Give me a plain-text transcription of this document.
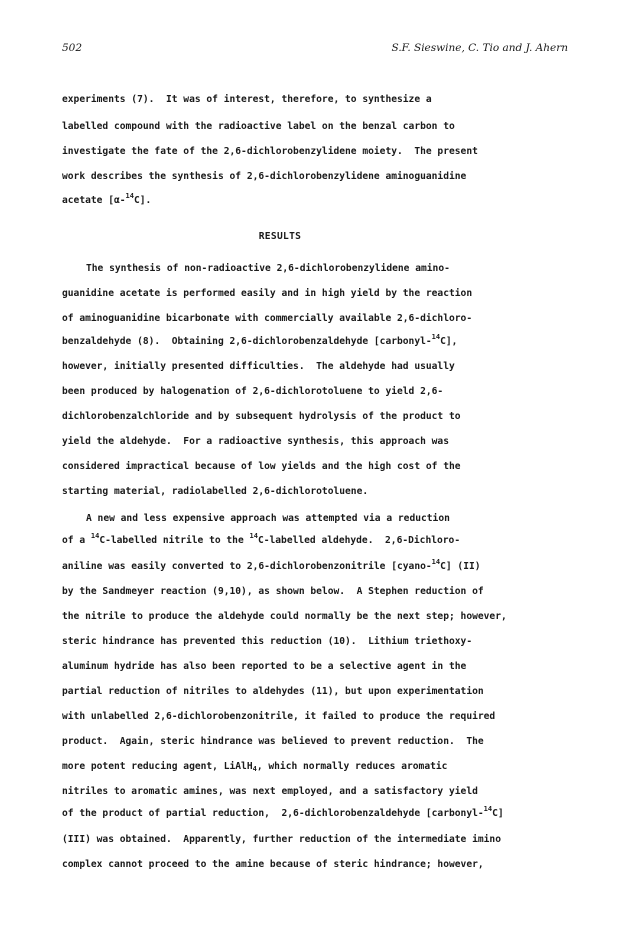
502	S.F. Sieswine, C. Tio and J. Ahern
experiments (7).  It was of interest, therefore, to synthesize a
labelled compound with the radioactive label on the benzal carbon to
investigate the fate of the 2,6-dichlorobenzylidene moiety.  The present
work describes the synthesis of 2,6-dichlorobenzylidene aminoguanidine
acetate [α-$^{14}$C].
RESULTS
The synthesis of non-radioactive 2,6-dichlorobenzylidene amino-
guanidine acetate is performed easily and in high yield by the reaction
of aminoguanidine bicarbonate with commercially available 2,6-dichloro-
benzaldehyde (8).  Obtaining 2,6-dichlorobenzaldehyde [carbonyl-$^{14}$C],
however, initially presented difficulties.  The aldehyde had usually
been produced by halogenation of 2,6-dichlorotoluene to yield 2,6-
dichlorobenzalchloride and by subsequent hydrolysis of the product to
yield the aldehyde.  For a radioactive synthesis, this approach was
considered impractical because of low yields and the high cost of the
starting material, radiolabelled 2,6-dichlorotoluene.
A new and less expensive approach was attempted via a reduction
of a $^{14}$C-labelled nitrile to the $^{14}$C-labelled aldehyde.  2,6-Dichloro-
aniline was easily converted to 2,6-dichlorobenzonitrile [cyano-$^{14}$C] (II)
by the Sandmeyer reaction (9,10), as shown below.  A Stephen reduction of
the nitrile to produce the aldehyde could normally be the next step; however,
steric hindrance has prevented this reduction (10).  Lithium triethoxy-
aluminum hydride has also been reported to be a selective agent in the
partial reduction of nitriles to aldehydes (11), but upon experimentation
with unlabelled 2,6-dichlorobenzonitrile, it failed to produce the required
product.  Again, steric hindrance was believed to prevent reduction.  The
more potent reducing agent, LiAlH$_4$, which normally reduces aromatic
nitriles to aromatic amines, was next employed, and a satisfactory yield
of the product of partial reduction,  2,6-dichlorobenzaldehyde [carbonyl-$^{14}$C]
(III) was obtained.  Apparently, further reduction of the intermediate imino
complex cannot proceed to the amine because of steric hindrance; however,
